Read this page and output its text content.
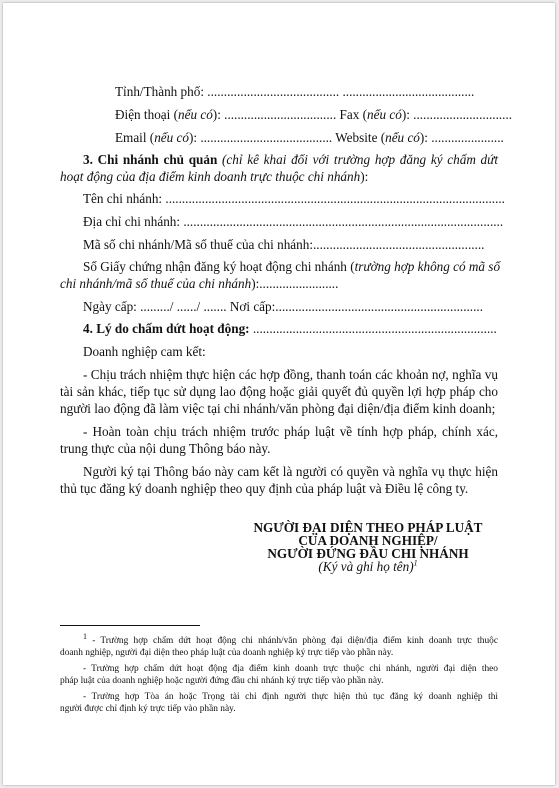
Tỉnh/Thành phố: ........................................ ........................................
Điện thoại (nếu có): .................................. Fax (nếu có): ..............................
Email (nếu có): ........................................ Website (nếu có): ......................
3. Chi nhánh chủ quản (chỉ kê khai đối với trường hợp đăng ký chấm dứt
hoạt động của địa điểm kinh doanh trực thuộc chi nhánh):
Tên chi nhánh: .......................................................................................................
Địa chỉ chi nhánh: .................................................................................................
Mã số chi nhánh/Mã số thuế của chi nhánh:....................................................
Số Giấy chứng nhận đăng ký hoạt động chi nhánh (trường hợp không có mã số
chi nhánh/mã số thuế của chi nhánh):........................
Ngày cấp: ........./ ....../ ....... Nơi cấp:...............................................................
4. Lý do chấm dứt hoạt động: ..........................................................................
Doanh nghiệp cam kết:
- Chịu trách nhiệm thực hiện các hợp đồng, thanh toán các khoản nợ, nghĩa vụ
tài sản khác, tiếp tục sử dụng lao động hoặc giải quyết đủ quyền lợi hợp pháp cho
người lao động đã làm việc tại chi nhánh/văn phòng đại diện/địa điểm kinh doanh;
- Hoàn toàn chịu trách nhiệm trước pháp luật về tính hợp pháp, chính xác,
trung thực của nội dung Thông báo này.
Người ký tại Thông báo này cam kết là người có quyền và nghĩa vụ thực hiện
thủ tục đăng ký doanh nghiệp theo quy định của pháp luật và Điều lệ công ty.
NGƯỜI ĐẠI DIỆN THEO PHÁP LUẬT
CỦA DOANH NGHIỆP/
NGƯỜI ĐỨNG ĐẦU CHI NHÁNH
(Ký và ghi họ tên)$^1$
$^1$ - Trường hợp chấm dứt hoạt động chi nhánh/văn phòng đại diện/địa điểm kinh doanh trực thuộc
doanh nghiệp, người đại diện theo pháp luật của doanh nghiệp ký trực tiếp vào phần này.
- Trường hợp chấm dứt hoạt động địa điểm kinh doanh trực thuộc chi nhánh, người đại diện theo
pháp luật của doanh nghiệp hoặc người đứng đầu chi nhánh ký trực tiếp vào phần này.
- Trường hợp Tòa án hoặc Trọng tài chỉ định người thực hiện thủ tục đăng ký doanh nghiệp thì
người được chỉ định ký trực tiếp vào phần này.
